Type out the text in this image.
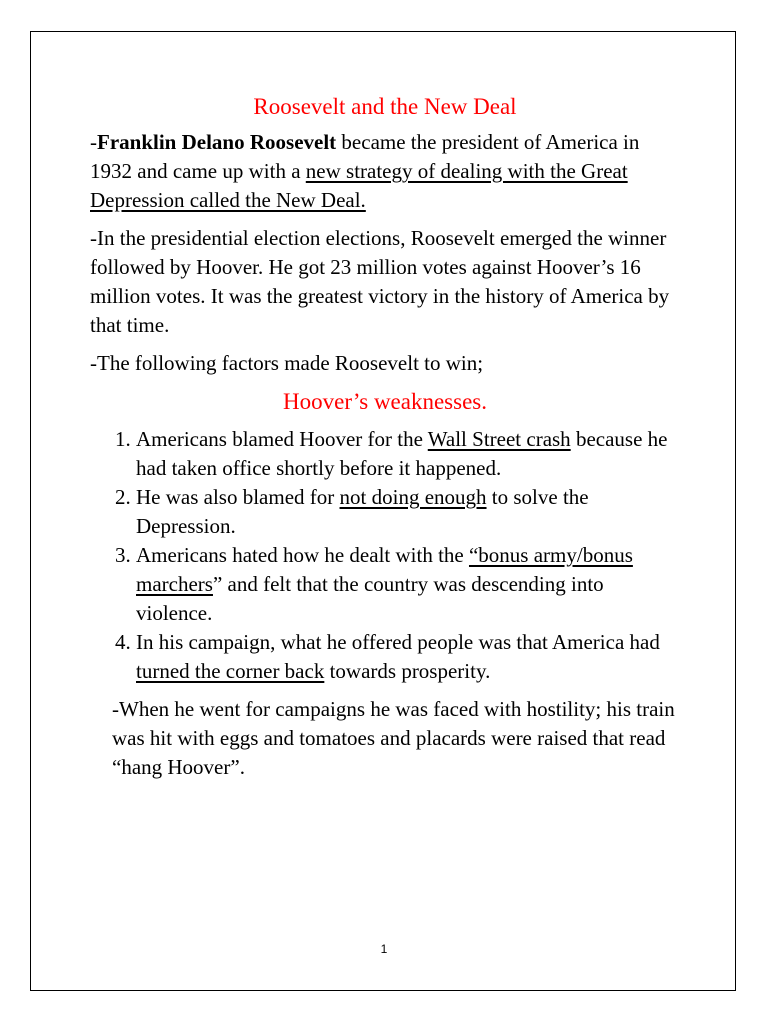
Roosevelt and the New Deal

-Franklin Delano Roosevelt became the president of America in 1932 and came up with a new strategy of dealing with the Great Depression called the New Deal.

-In the presidential election elections, Roosevelt emerged the winner followed by Hoover. He got 23 million votes against Hoover’s 16 million votes. It was the greatest victory in the history of America by that time.

-The following factors made Roosevelt to win;

Hoover’s weaknesses.
1. Americans blamed Hoover for the Wall Street crash because he had taken office shortly before it happened.
2. He was also blamed for not doing enough to solve the Depression.
3. Americans hated how he dealt with the “bonus army/bonus marchers” and felt that the country was descending into violence.
4. In his campaign, what he offered people was that America had turned the corner back towards prosperity.

-When he went for campaigns he was faced with hostility; his train was hit with eggs and tomatoes and placards were raised that read “hang Hoover”.

1
